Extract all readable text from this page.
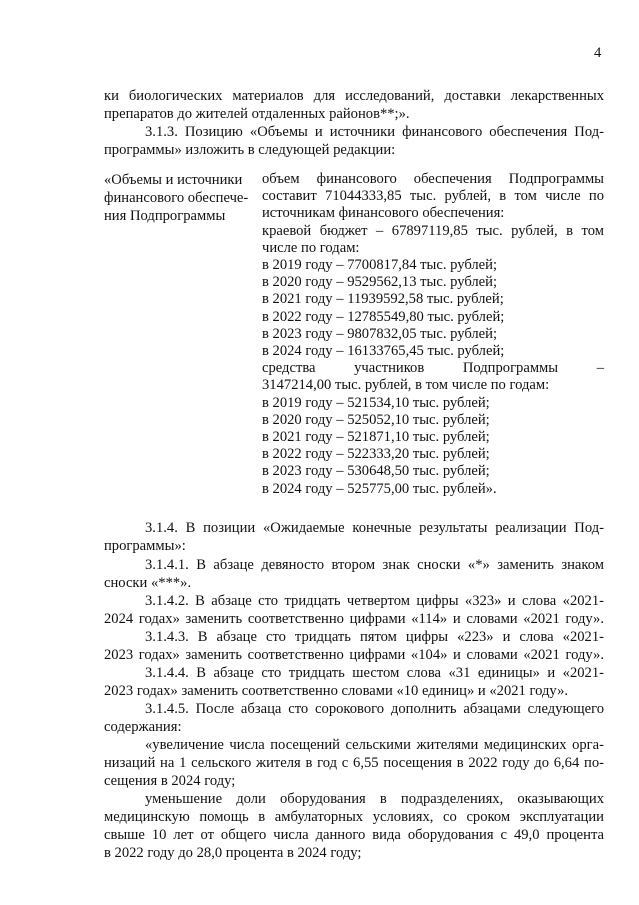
4
ки биологических материалов для исследований, доставки лекарственных
препаратов до жителей отдаленных районов**;».
3.1.3. Позицию «Объемы и источники финансового обеспечения Под-
программы» изложить в следующей редакции:
«Объемы и источники
финансового обеспече-
ния Подпрограммы
объем финансового обеспечения Подпрограммы
составит 71044333,85 тыс. рублей, в том числе по
источникам финансового обеспечения:
краевой бюджет – 67897119,85 тыс. рублей, в том
числе по годам:
в 2019 году – 7700817,84 тыс. рублей;
в 2020 году – 9529562,13 тыс. рублей;
в 2021 году – 11939592,58 тыс. рублей;
в 2022 году – 12785549,80 тыс. рублей;
в 2023 году – 9807832,05 тыс. рублей;
в 2024 году – 16133765,45 тыс. рублей;
средства участников Подпрограммы –
3147214,00 тыс. рублей, в том числе по годам:
в 2019 году – 521534,10 тыс. рублей;
в 2020 году – 525052,10 тыс. рублей;
в 2021 году – 521871,10 тыс. рублей;
в 2022 году – 522333,20 тыс. рублей;
в 2023 году – 530648,50 тыс. рублей;
в 2024 году – 525775,00 тыс. рублей».
3.1.4. В позиции «Ожидаемые конечные результаты реализации Под-
программы»:
3.1.4.1. В абзаце девяносто втором знак сноски «*» заменить знаком
сноски «***».
3.1.4.2. В абзаце сто тридцать четвертом цифры «323» и слова «2021-
2024 годах» заменить соответственно цифрами «114» и словами «2021 году».
3.1.4.3. В абзаце сто тридцать пятом цифры «223» и слова «2021-
2023 годах» заменить соответственно цифрами «104» и словами «2021 году».
3.1.4.4. В абзаце сто тридцать шестом слова «31 единицы» и «2021-
2023 годах» заменить соответственно словами «10 единиц» и «2021 году».
3.1.4.5. После абзаца сто сорокового дополнить абзацами следующего
содержания:
«увеличение числа посещений сельскими жителями медицинских орга-
низаций на 1 сельского жителя в год с 6,55 посещения в 2022 году до 6,64 по-
сещения в 2024 году;
уменьшение доли оборудования в подразделениях, оказывающих
медицинскую помощь в амбулаторных условиях, со сроком эксплуатации
свыше 10 лет от общего числа данного вида оборудования с 49,0 процента
в 2022 году до 28,0 процента в 2024 году;
